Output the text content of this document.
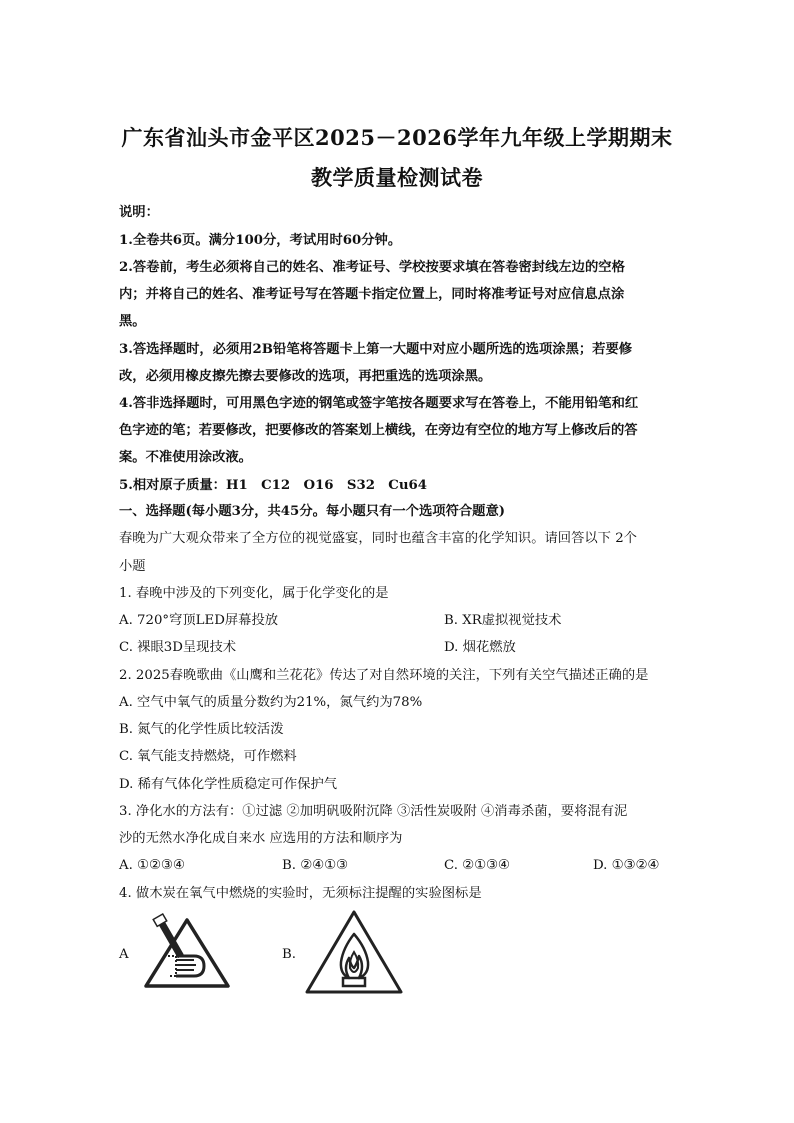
广东省汕头市金平区2025－2026学年九年级上学期期末
教学质量检测试卷
说明：
1.全卷共6页。满分100分，考试用时60分钟。
2.答卷前，考生必须将自己的姓名、准考证号、学校按要求填在答卷密封线左边的空格
内；并将自己的姓名、准考证号写在答题卡指定位置上，同时将准考证号对应信息点涂
黑。
3.答选择题时，必须用2B铅笔将答题卡上第一大题中对应小题所选的选项涂黑；若要修
改，必须用橡皮擦先擦去要修改的选项，再把重选的选项涂黑。
4.答非选择题时，可用黑色字迹的钢笔或签字笔按各题要求写在答卷上，不能用铅笔和红
色字迹的笔；若要修改，把要修改的答案划上横线，在旁边有空位的地方写上修改后的答
案。不准使用涂改液。
5.相对原子质量：H1　C12　O16　S32　Cu64
一、选择题(每小题3分，共45分。每小题只有一个选项符合题意)
春晚为广大观众带来了全方位的视觉盛宴，同时也蕴含丰富的化学知识。请回答以下 2个
小题
1. 春晚中涉及的下列变化，属于化学变化的是
A. 720°穹顶LED屏幕投放	B. XR虚拟视觉技术
C. 裸眼3D呈现技术	D. 烟花燃放
2. 2025春晚歌曲《山鹰和兰花花》传达了对自然环境的关注，下列有关空气描述正确的是
A. 空气中氧气的质量分数约为21%，氮气约为78%
B. 氮气的化学性质比较活泼
C. 氧气能支持燃烧，可作燃料
D. 稀有气体化学性质稳定可作保护气
3. 净化水的方法有：①过滤 ②加明矾吸附沉降 ③活性炭吸附 ④消毒杀菌，要将混有泥
沙的无然水净化成自来水 应选用的方法和顺序为
A. ①②③④	B. ②④①③	C. ②①③④	D. ①③②④
4. 做木炭在氧气中燃烧的实验时，无须标注提醒的实验图标是
A	B.
